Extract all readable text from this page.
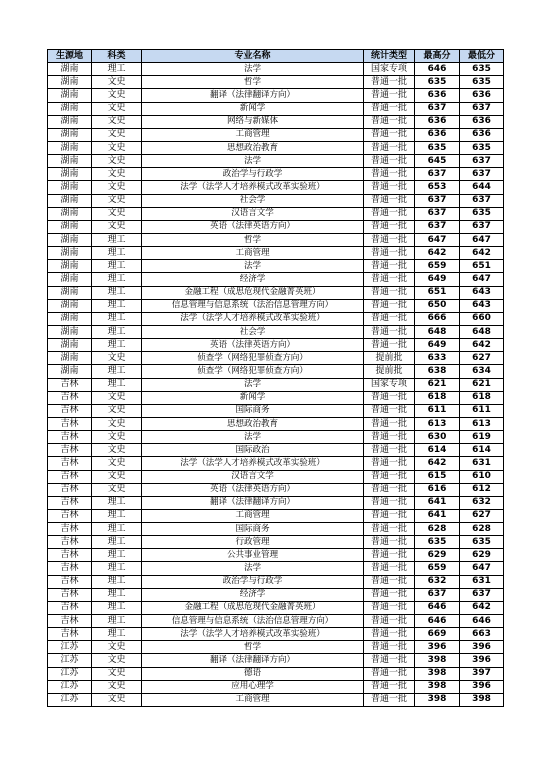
生源地	科类	专业名称	统计类型	最高分	最低分
湖南	理工	法学	国家专项	646	635
湖南	文史	哲学	普通一批	635	635
湖南	文史	翻译（法律翻译方向）	普通一批	636	636
湖南	文史	新闻学	普通一批	637	637
湖南	文史	网络与新媒体	普通一批	636	636
湖南	文史	工商管理	普通一批	636	636
湖南	文史	思想政治教育	普通一批	635	635
湖南	文史	法学	普通一批	645	637
湖南	文史	政治学与行政学	普通一批	637	637
湖南	文史	法学（法学人才培养模式改革实验班）	普通一批	653	644
湖南	文史	社会学	普通一批	637	637
湖南	文史	汉语言文学	普通一批	637	635
湖南	文史	英语（法律英语方向）	普通一批	637	637
湖南	理工	哲学	普通一批	647	647
湖南	理工	工商管理	普通一批	642	642
湖南	理工	法学	普通一批	659	651
湖南	理工	经济学	普通一批	649	647
湖南	理工	金融工程（成思危现代金融菁英班）	普通一批	651	643
湖南	理工	信息管理与信息系统（法治信息管理方向）	普通一批	650	643
湖南	理工	法学（法学人才培养模式改革实验班）	普通一批	666	660
湖南	理工	社会学	普通一批	648	648
湖南	理工	英语（法律英语方向）	普通一批	649	642
湖南	文史	侦查学（网络犯罪侦查方向）	提前批	633	627
湖南	理工	侦查学（网络犯罪侦查方向）	提前批	638	634
吉林	理工	法学	国家专项	621	621
吉林	文史	新闻学	普通一批	618	618
吉林	文史	国际商务	普通一批	611	611
吉林	文史	思想政治教育	普通一批	613	613
吉林	文史	法学	普通一批	630	619
吉林	文史	国际政治	普通一批	614	614
吉林	文史	法学（法学人才培养模式改革实验班）	普通一批	642	631
吉林	文史	汉语言文学	普通一批	615	610
吉林	文史	英语（法律英语方向）	普通一批	616	612
吉林	理工	翻译（法律翻译方向）	普通一批	641	632
吉林	理工	工商管理	普通一批	641	627
吉林	理工	国际商务	普通一批	628	628
吉林	理工	行政管理	普通一批	635	635
吉林	理工	公共事业管理	普通一批	629	629
吉林	理工	法学	普通一批	659	647
吉林	理工	政治学与行政学	普通一批	632	631
吉林	理工	经济学	普通一批	637	637
吉林	理工	金融工程（成思危现代金融菁英班）	普通一批	646	642
吉林	理工	信息管理与信息系统（法治信息管理方向）	普通一批	646	646
吉林	理工	法学（法学人才培养模式改革实验班）	普通一批	669	663
江苏	文史	哲学	普通一批	396	396
江苏	文史	翻译（法律翻译方向）	普通一批	398	396
江苏	文史	德语	普通一批	398	397
江苏	文史	应用心理学	普通一批	398	396
江苏	文史	工商管理	普通一批	398	398
